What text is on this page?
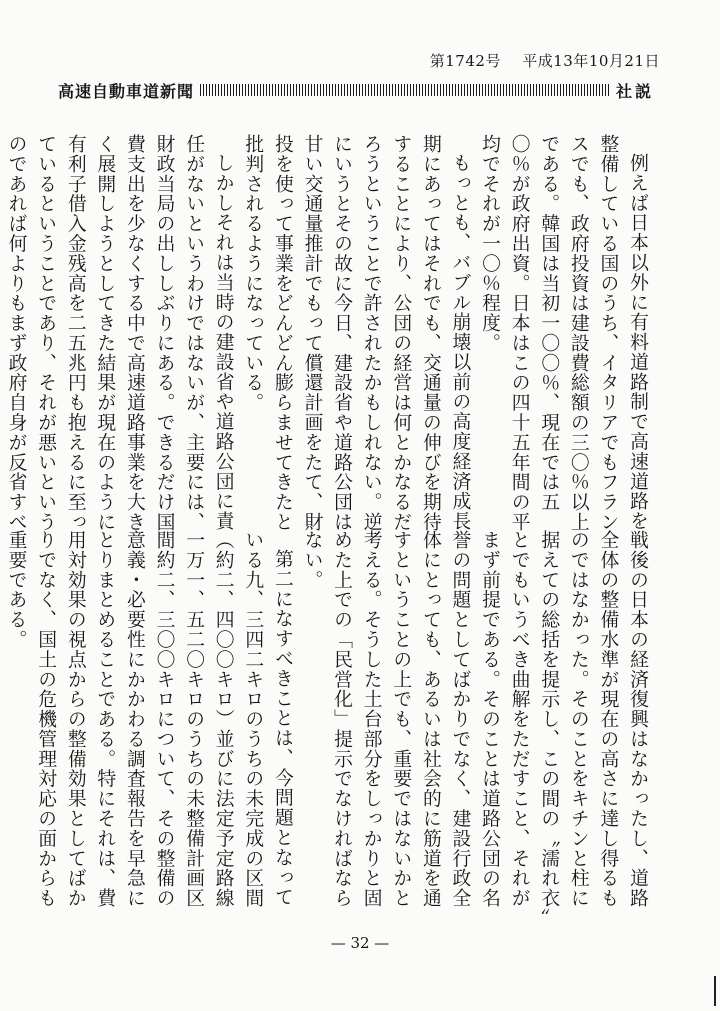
第1742号 平成13年10月21日
高速自動車道新聞	社説

例えば日本以外に有料道路制で高速道路を整備している国のうち、イタリアでもフランスでも、政府投資は建設費総額の三〇％以上である。韓国は当初一〇〇％、現在では五〇％が政府出資。日本はこの四十五年間の平均でそれが一〇％程度。

もっとも、バブル崩壊以前の高度経済成長期にあってはそれでも、交通量の伸びを期待することにより、公団の経営は何とかなるだろうということで許されたかもしれない。逆にいうとその故に今日、建設省や道路公団は甘い交通量推計でもって償還計画をたて、財投を使って事業をどんどん膨らませてきたと批判されるようになっている。

しかしそれは当時の建設省や道路公団に責任がないというわけではないが、主要には、財政当局の出ししぶりにある。できるだけ国費支出を少なくする中で高速道路事業を大きく展開しようとしてきた結果が現在のように有利子借入金残高を二五兆円も抱えるに至っているということであり、それが悪いというのであれば何よりもまず政府自身が反省すべ

戦後の日本の経済復興はなかったし、道路全体の整備水準が現在の高さに達し得るものではなかった。そのことをキチンと柱に据えての総括を提示し、この間の〝濡れ衣〟とでもいうべき曲解をただすこと、それがまず前提である。そのことは道路公団の名誉の問題としてばかりでなく、建設行政全体にとっても、あるいは社会的に筋道を通すということの上でも、重要ではないかと考える。そうした土台部分をしっかりと固めた上での「民営化」提示でなければならない。

第二になすべきことは、今問題となっている九、三四二キロのうちの未完成の区間（約二、四〇〇キロ）並びに法定予定路線一万一、五二〇キロのうちの未整備計画区間約二、三〇〇キロについて、その整備の意義・必要性にかかわる調査報告を早急にとりまとめることである。特にそれは、費用対効果の視点からの整備効果としてばかりでなく、国土の危機管理対応の面からも重要である。

— 32 —
